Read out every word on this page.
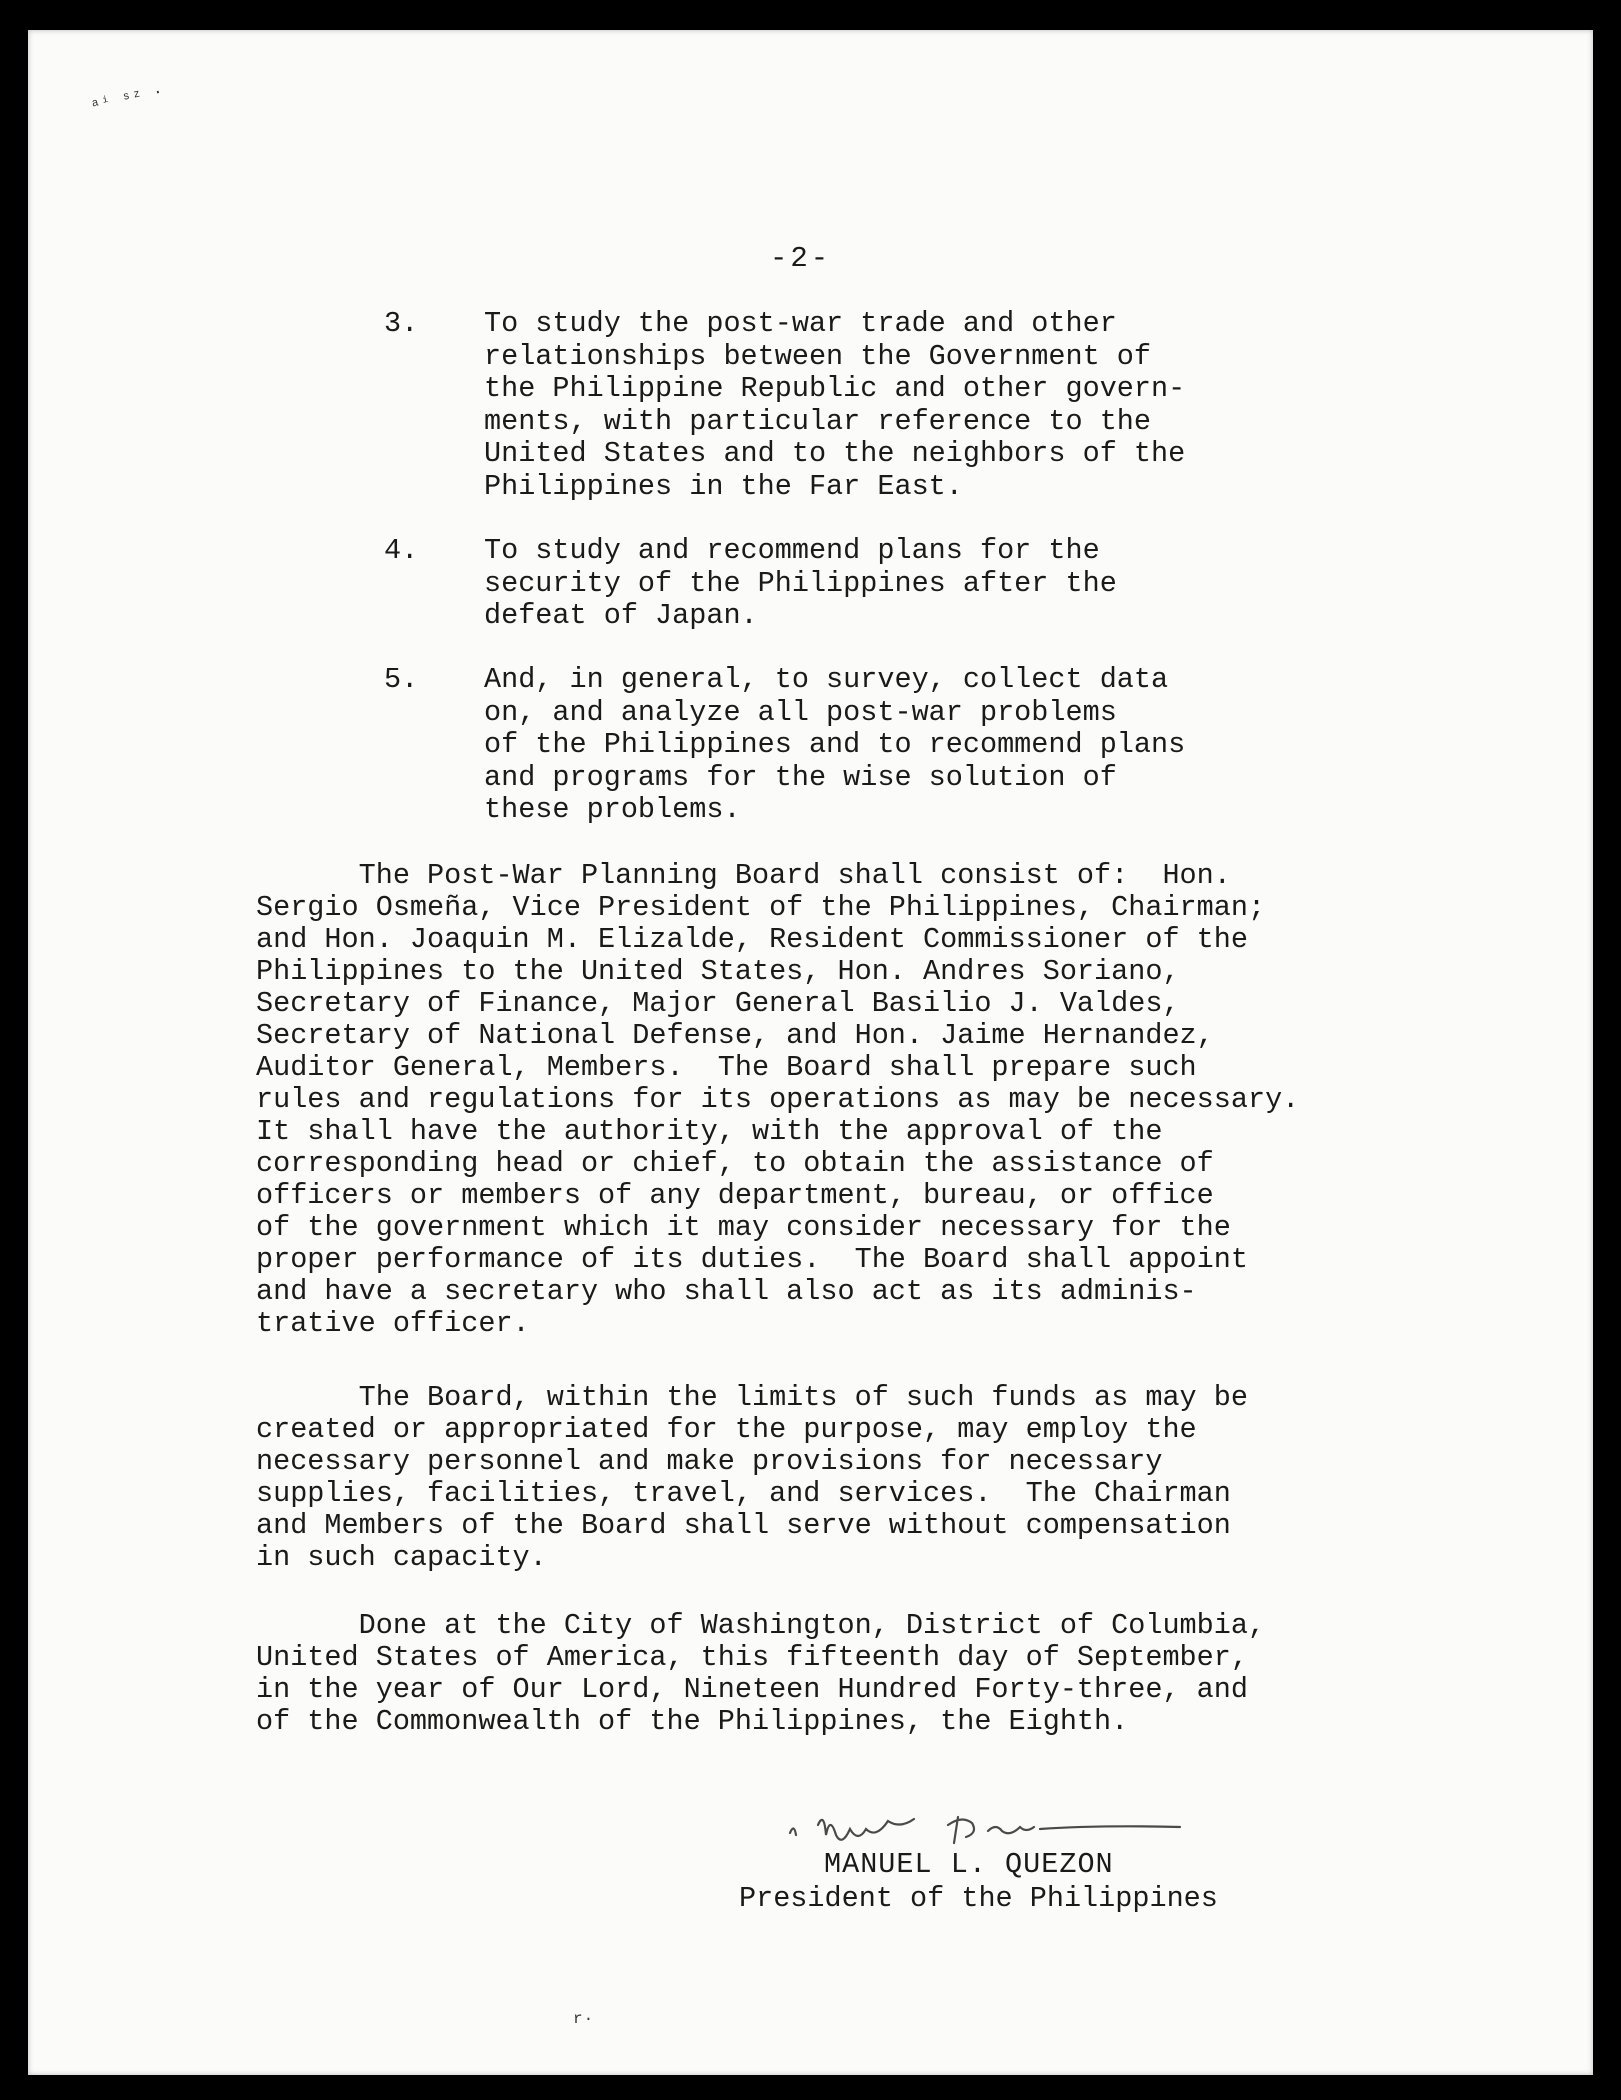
ᵃⁱ ˢᶻ ·
-2-
3. To study the post-war trade and other
relationships between the Government of
the Philippine Republic and other govern-
ments, with particular reference to the
United States and to the neighbors of the
Philippines in the Far East.
4. To study and recommend plans for the
security of the Philippines after the
defeat of Japan.
5. And, in general, to survey, collect data
on, and analyze all post-war problems
of the Philippines and to recommend plans
and programs for the wise solution of
these problems.
The Post-War Planning Board shall consist of:  Hon.
Sergio Osmeña, Vice President of the Philippines, Chairman;
and Hon. Joaquin M. Elizalde, Resident Commissioner of the
Philippines to the United States, Hon. Andres Soriano,
Secretary of Finance, Major General Basilio J. Valdes,
Secretary of National Defense, and Hon. Jaime Hernandez,
Auditor General, Members.  The Board shall prepare such
rules and regulations for its operations as may be necessary.
It shall have the authority, with the approval of the
corresponding head or chief, to obtain the assistance of
officers or members of any department, bureau, or office
of the government which it may consider necessary for the
proper performance of its duties.  The Board shall appoint
and have a secretary who shall also act as its adminis-
trative officer.
The Board, within the limits of such funds as may be
created or appropriated for the purpose, may employ the
necessary personnel and make provisions for necessary
supplies, facilities, travel, and services.  The Chairman
and Members of the Board shall serve without compensation
in such capacity.
Done at the City of Washington, District of Columbia,
United States of America, this fifteenth day of September,
in the year of Our Lord, Nineteen Hundred Forty-three, and
of the Commonwealth of the Philippines, the Eighth.
MANUEL L. QUEZON
President of the Philippines
r·
